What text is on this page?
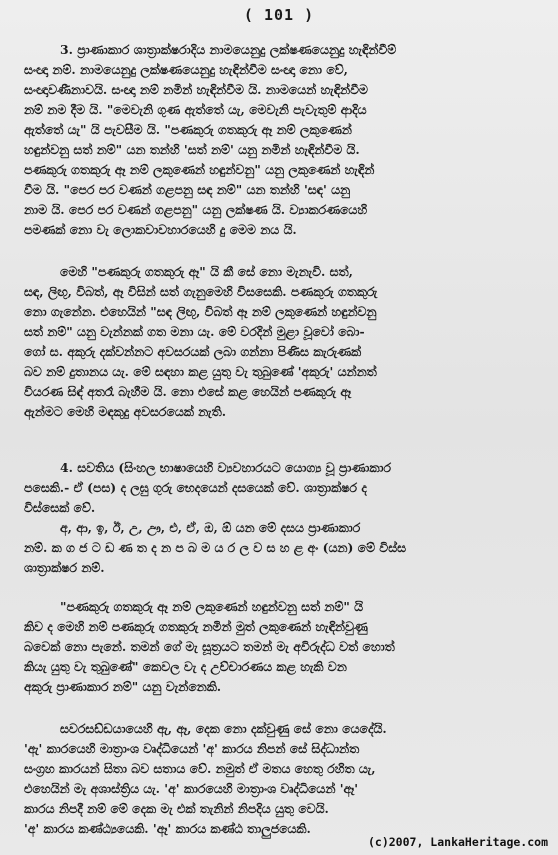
( 101 )
3. ප්‍රාණාකාර ශාත්‍රාක්ෂරාදිය නාමයෙනුදු ලක්ෂණයෙනුදු හැඳින්වීම්
සංඥා නම්. නාමයෙනුදු ලක්ෂණයෙනුදු හැඳින්වීම සංඥා නො වේ,
සංඥාවණීනාවයි. සංඥා නම් නමින් හැඳින්වීම යි. නාමයෙන් හැඳින්වීම
නම් නම දීම යි. "මෙවැනි ගුණ ඇත්තේ යැ, මෙවැනි පැවැතුම් ආදිය
ඇත්තේ යැ" යි පැවසීම යි. "පණකුරු ගතකුරු ඈ නම් ලකුණෙන්
හඳුන්වනු සත් නම්" යන තන්හි 'සත් නම්' යනු නමින් හැඳින්වීම යි.
පණකුරු ගතකුරු ඈ නම් ලකුණෙන් හඳුන්වනු" යනු ලකුණෙන් හැඳින්
වීම යි. "පෙර පර වණන් ගළපනු සඳ නම්" යන තන්හි 'සඳ' යනු
නාම යි. පෙර පර වණන් ගළපනු" යනු ලක්ෂණ යි. ව්‍යාකරණයෙහි
පමණක් නො වැ ලොකවාවහාරයෙහි දු මෙම නය යි.
මෙහි "පණකුරු ගතකුරු ඈ" යි කී සේ නො මැනැවි. සත්,
සඳ, ලිඟු, විබත්, ඈ විසින් සත් ගැනුමෙහි විසසෙකි. පණකුරු ගතකුරු
නො ගැනේන. එහෙයින් "සඳ ලිඟු, විබත් ඈ නම් ලකුණෙන් හඳුන්වනු
සත් නම්" යනු වැන්නක් ගත මනා යැ. මේ වරදින් මුළා වූවෝ බො-
ගෝ ස. අකුරු දක්වන්නට අවසරයක් ලබා ගන්නා පිණිස කැරුණක්
බව නම් දුතානය යැ. මේ සඳහා කළ යුතු වැ තුබුණේ 'අකුරු' යන්නත්
වියරණ සිඳ් අතරෑ බැහීම යි. නො එසේ කළ හෙයින් පණකුරු ඈ
ඇන්මට මෙහි මඳකුදු අවසරයෙක් නැති.
4. සවතිය (සිංහල භාෂායෙහි ව්‍යවහාරයට යොග්‍ය වූ ප්‍රාණාකාර
පසෙකි.- ඒ (පස) ද ලඝු ගුරු භෙදයෙන් දසයෙක් වේ. ශාත්‍රාක්ෂර ද
විස්සෙක් වේ.
අ, ආ, ඉ, ඊ, උ, ඌ, එ, ඒ, ඔ, ඕ යන මේ දසය ප්‍රාණාකාර
නම්. ක ග ජ ට ඩ ණ ත ද න ප බ ම ය ර ල ව ස හ ළ අං (යන) මේ විස්ස
ශාත්‍රාක්ෂර නම්.
"පණකුරු ගතකුරු ඈ නම් ලකුණෙන් හඳුන්වනු සත් නම්" යි
කිව ද මෙහි නම් පණකුරු ගතකුරු නමින් මුත් ලකුණෙන් හැඳින්වුණු
බවෙක් නො පැනේ. තමන් ගේ මැ සූත්‍රයට තමන් මැ අවිරුද්ධ වත් හොත්
කියැ යුතු වැ තුබුණේ" කෙවල වැ ද උච්චාරණය කළ හැකි වන
අකුරු ප්‍රාණාකාර නම්" යනු වැන්නෙකි.
සවරසඩ්ඩයායෙහි ඇ, ඈ, දෙක නො දක්වුණු සේ නො යෙදේයි.
'ඇ' කාරයෙහි මාත්‍රාංශ වෘද්ධියෙන් 'අ' කාරය නිපන් සේ සිද්ධාන්ත
සංග්‍රහ කාරයන් සිතා බව සතාය වේ. නමුත් ඒ මතය හෙතු රහිත යැ,
එහෙයින් මැ අශාස්ත්‍රිය යැ. 'අ' කාරයෙහි මාත්‍රාංශ වෘද්ධියෙන් 'ඈ'
කාරය නිපදී නම් මේ දෙක මැ එක් තැනින් නිපදිය යුතු වෙයි.
'අ' කාරය කණ්ඨ්‍යයෙකි. 'ඈ' කාරය කණ්ඨ තාලුජයෙකි.
(c)2007, LankaHeritage.com
